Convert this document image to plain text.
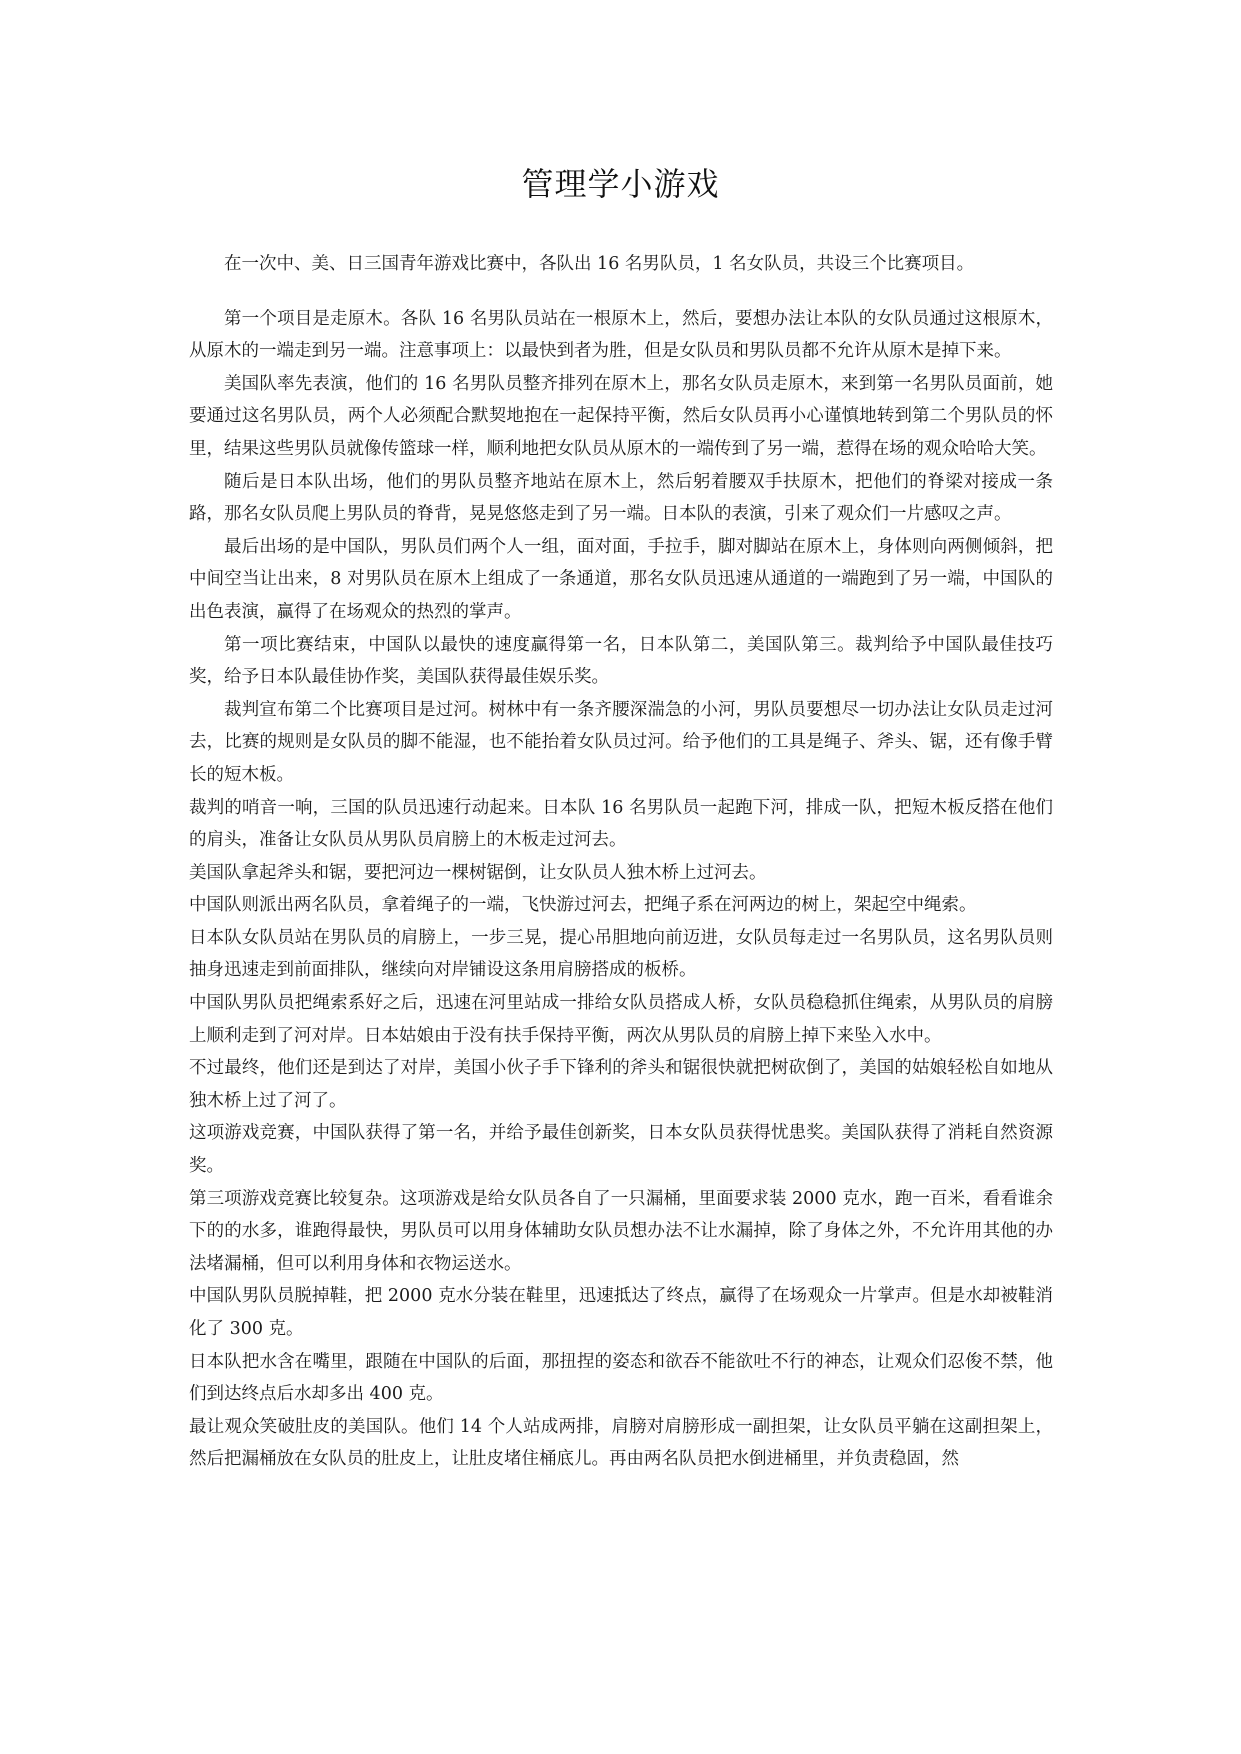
管理学小游戏

在一次中、美、日三国青年游戏比赛中，各队出 16 名男队员，1 名女队员，共设三个比赛项目。

第一个项目是走原木。各队 16 名男队员站在一根原木上，然后，要想办法让本队的女队员通过这根原木，从原木的一端走到另一端。注意事项上：以最快到者为胜，但是女队员和男队员都不允许从原木是掉下来。

美国队率先表演，他们的 16 名男队员整齐排列在原木上，那名女队员走原木，来到第一名男队员面前，她要通过这名男队员，两个人必须配合默契地抱在一起保持平衡，然后女队员再小心谨慎地转到第二个男队员的怀里，结果这些男队员就像传篮球一样，顺利地把女队员从原木的一端传到了另一端，惹得在场的观众哈哈大笑。

随后是日本队出场，他们的男队员整齐地站在原木上，然后躬着腰双手扶原木，把他们的脊梁对接成一条路，那名女队员爬上男队员的脊背，晃晃悠悠走到了另一端。日本队的表演，引来了观众们一片感叹之声。

最后出场的是中国队，男队员们两个人一组，面对面，手拉手，脚对脚站在原木上，身体则向两侧倾斜，把中间空当让出来，8 对男队员在原木上组成了一条通道，那名女队员迅速从通道的一端跑到了另一端，中国队的出色表演，赢得了在场观众的热烈的掌声。

第一项比赛结束，中国队以最快的速度赢得第一名，日本队第二，美国队第三。裁判给予中国队最佳技巧奖，给予日本队最佳协作奖，美国队获得最佳娱乐奖。

裁判宣布第二个比赛项目是过河。树林中有一条齐腰深湍急的小河，男队员要想尽一切办法让女队员走过河去，比赛的规则是女队员的脚不能湿，也不能抬着女队员过河。给予他们的工具是绳子、斧头、锯，还有像手臂长的短木板。

裁判的哨音一响，三国的队员迅速行动起来。日本队 16 名男队员一起跑下河，排成一队，把短木板反搭在他们的肩头，准备让女队员从男队员肩膀上的木板走过河去。

美国队拿起斧头和锯，要把河边一棵树锯倒，让女队员人独木桥上过河去。

中国队则派出两名队员，拿着绳子的一端，飞快游过河去，把绳子系在河两边的树上，架起空中绳索。

日本队女队员站在男队员的肩膀上，一步三晃，提心吊胆地向前迈进，女队员每走过一名男队员，这名男队员则抽身迅速走到前面排队，继续向对岸铺设这条用肩膀搭成的板桥。

中国队男队员把绳索系好之后，迅速在河里站成一排给女队员搭成人桥，女队员稳稳抓住绳索，从男队员的肩膀上顺利走到了河对岸。日本姑娘由于没有扶手保持平衡，两次从男队员的肩膀上掉下来坠入水中。

不过最终，他们还是到达了对岸，美国小伙子手下锋利的斧头和锯很快就把树砍倒了，美国的姑娘轻松自如地从独木桥上过了河了。

这项游戏竞赛，中国队获得了第一名，并给予最佳创新奖，日本女队员获得忧患奖。美国队获得了消耗自然资源奖。

第三项游戏竞赛比较复杂。这项游戏是给女队员各自了一只漏桶，里面要求装 2000 克水，跑一百米，看看谁余下的的水多，谁跑得最快，男队员可以用身体辅助女队员想办法不让水漏掉，除了身体之外，不允许用其他的办法堵漏桶，但可以利用身体和衣物运送水。

中国队男队员脱掉鞋，把 2000 克水分装在鞋里，迅速抵达了终点，赢得了在场观众一片掌声。但是水却被鞋消化了 300 克。

日本队把水含在嘴里，跟随在中国队的后面，那扭捏的姿态和欲吞不能欲吐不行的神态，让观众们忍俊不禁，他们到达终点后水却多出 400 克。

最让观众笑破肚皮的美国队。他们 14 个人站成两排，肩膀对肩膀形成一副担架，让女队员平躺在这副担架上，然后把漏桶放在女队员的肚皮上，让肚皮堵住桶底儿。再由两名队员把水倒进桶里，并负责稳固，然
